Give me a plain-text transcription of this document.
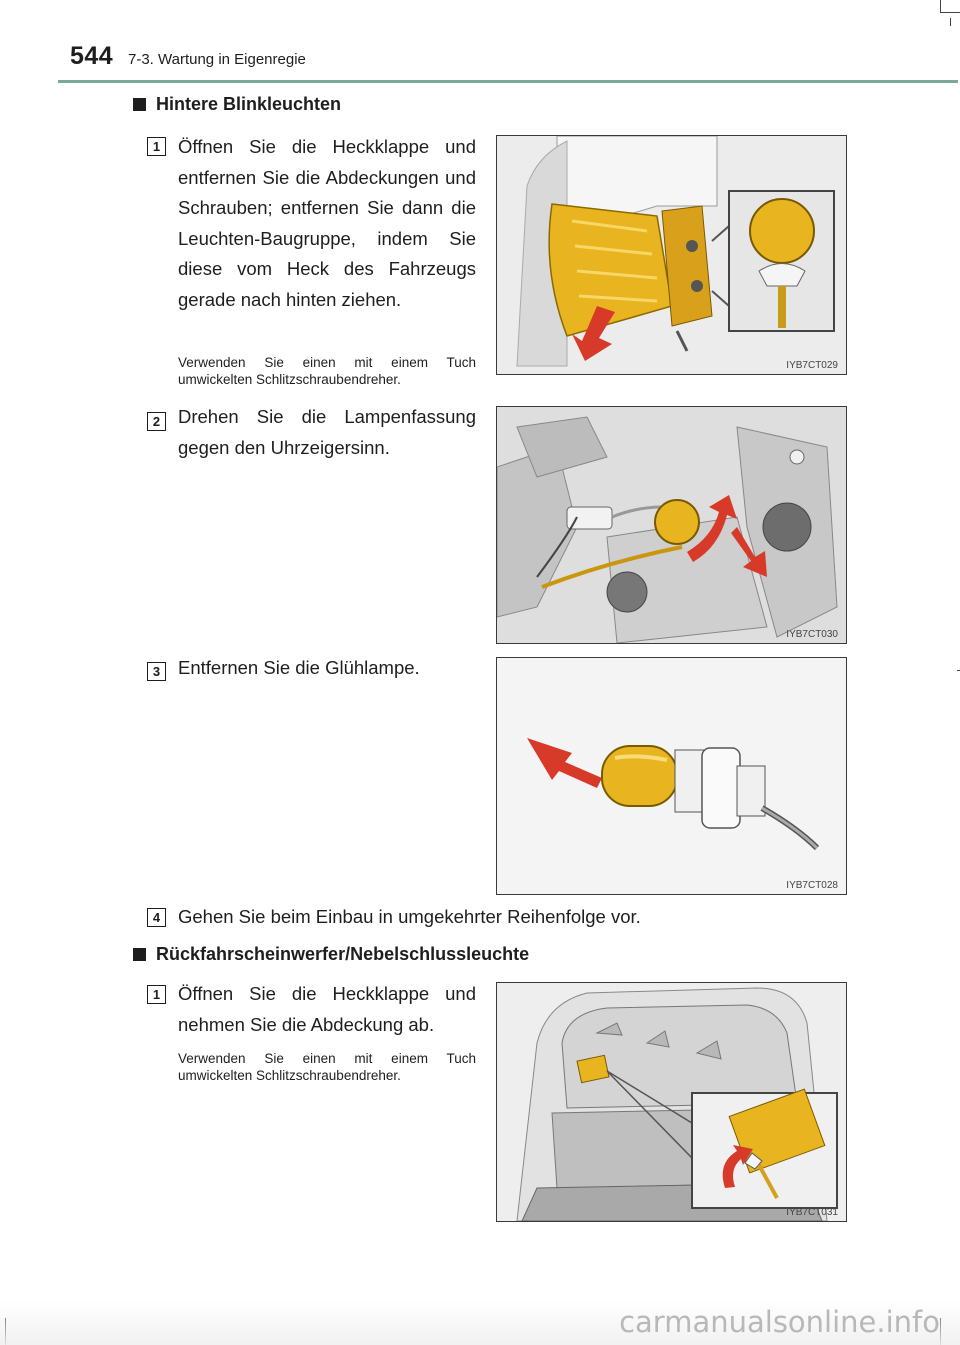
544 7-3. Wartung in Eigenregie
Hintere Blinkleuchten
1 Öffnen Sie die Heckklappe und entfernen Sie die Abdeckungen und Schrauben; entfernen Sie dann die Leuchten-Baugruppe, indem Sie diese vom Heck des Fahrzeugs gerade nach hinten ziehen.
Verwenden Sie einen mit einem Tuch umwickelten Schlitzschraubendreher.
IYB7CT029
2 Drehen Sie die Lampenfassung gegen den Uhrzeigersinn.
IYB7CT030
3 Entfernen Sie die Glühlampe.
IYB7CT028
4 Gehen Sie beim Einbau in umgekehrter Reihenfolge vor.
Rückfahrscheinwerfer/Nebelschlussleuchte
1 Öffnen Sie die Heckklappe und nehmen Sie die Abdeckung ab.
Verwenden Sie einen mit einem Tuch umwickelten Schlitzschraubendreher.
IYB7CT031
carmanualsonline.info
